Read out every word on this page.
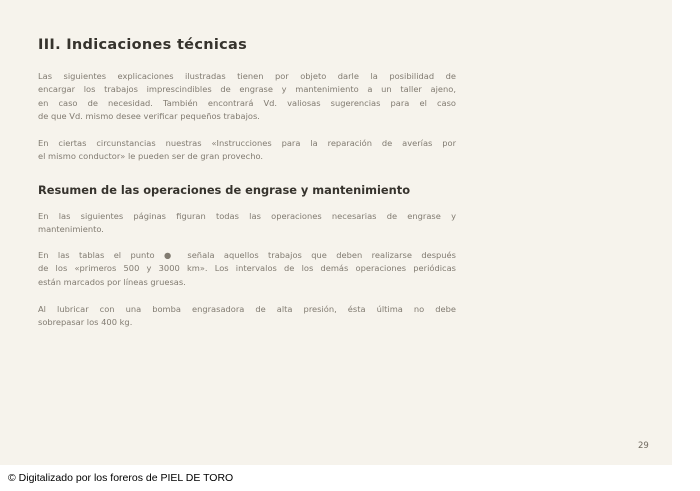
III. Indicaciones técnicas
Las siguientes explicaciones ilustradas tienen por objeto darle la posibilidad de
encargar los trabajos imprescindibles de engrase y mantenimiento a un taller ajeno,
en caso de necesidad. También encontrará Vd. valiosas sugerencias para el caso
de que Vd. mismo desee verificar pequeños trabajos.
En ciertas circunstancias nuestras «Instrucciones para la reparación de averías por
el mismo conductor» le pueden ser de gran provecho.
Resumen de las operaciones de engrase y mantenimiento
En las siguientes páginas figuran todas las operaciones necesarias de engrase y
mantenimiento.
En las tablas el punto ● señala aquellos trabajos que deben realizarse después
de los «primeros 500 y 3000 km». Los intervalos de los demás operaciones periódicas
están marcados por líneas gruesas.
Al lubricar con una bomba engrasadora de alta presión, ésta última no debe
sobrepasar los 400 kg.
29
© Digitalizado por los foreros de PIEL DE TORO
